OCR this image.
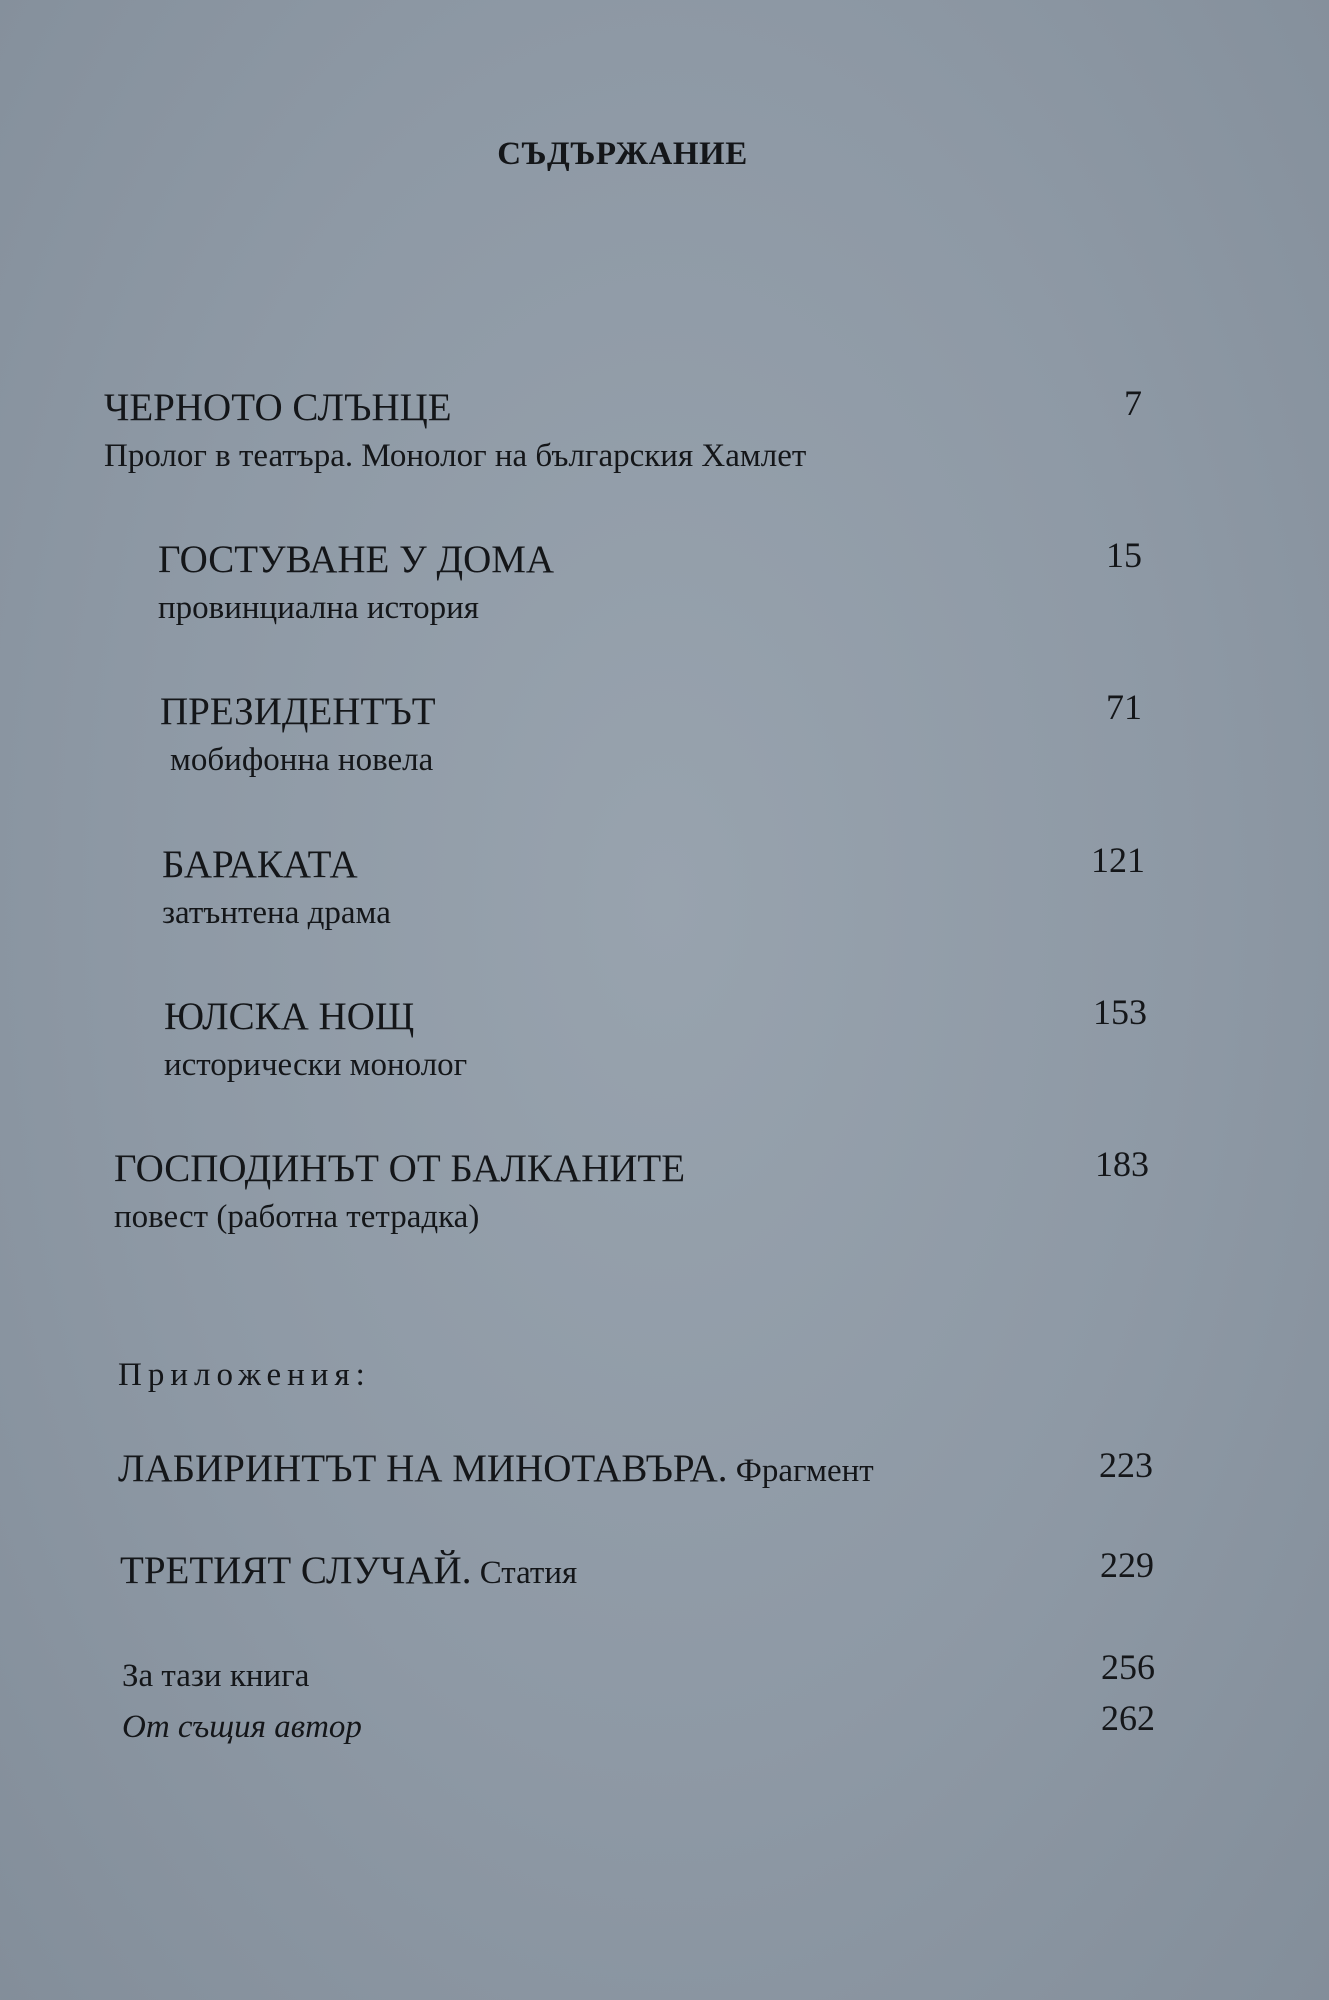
СЪДЪРЖАНИЕ
ЧЕРНОТО СЛЪНЦЕ
Пролог в театъра. Монолог на българския Хамлет
7
ГОСТУВАНЕ У ДОМА
провинциална история
15
ПРЕЗИДЕНТЪТ
мобифонна новела
71
БАРАКАТА
затънтена драма
121
ЮЛСКА НОЩ
исторически монолог
153
ГОСПОДИНЪТ ОТ БАЛКАНИТЕ
повест (работна тетрадка)
183
Приложения:
ЛАБИРИНТЪТ НА МИНОТАВЪРА. Фрагмент	223
ТРЕТИЯТ СЛУЧАЙ. Статия	229
За тази книга	256
От същия автор	262
